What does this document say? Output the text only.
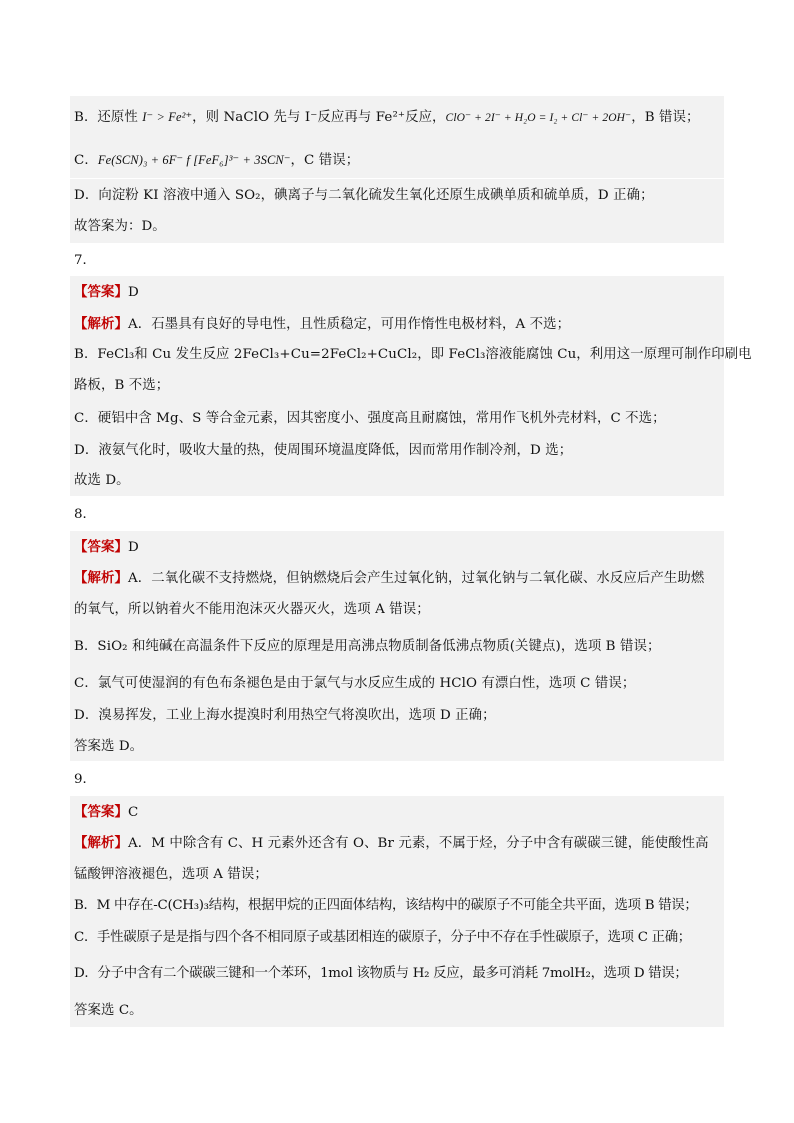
B．还原性 I⁻ > Fe²⁺，则 NaClO 先与 I⁻反应再与 Fe²⁺反应，ClO⁻ + 2I⁻ + H₂O = I₂ + Cl⁻ + 2OH⁻，B 错误；
C．Fe(SCN)₃ + 6F⁻ f [FeF₆]³⁻ + 3SCN⁻，C 错误；
D．向淀粉 KI 溶液中通入 SO₂，碘离子与二氧化硫发生氧化还原生成碘单质和硫单质，D 正确；
故答案为：D。
7．
【答案】D
【解析】A．石墨具有良好的导电性，且性质稳定，可用作惰性电极材料，A 不选；
B．FeCl₃和 Cu 发生反应 2FeCl₃+Cu=2FeCl₂+CuCl₂，即 FeCl₃溶液能腐蚀 Cu，利用这一原理可制作印刷电
路板，B 不选；
C．硬铝中含 Mg、S 等合金元素，因其密度小、强度高且耐腐蚀，常用作飞机外壳材料，C 不选；
D．液氨气化时，吸收大量的热，使周围环境温度降低，因而常用作制冷剂，D 选；
故选 D。
8．
【答案】D
【解析】A．二氧化碳不支持燃烧，但钠燃烧后会产生过氧化钠，过氧化钠与二氧化碳、水反应后产生助燃
的氧气，所以钠着火不能用泡沫灭火器灭火，选项 A 错误；
B．SiO₂ 和纯碱在高温条件下反应的原理是用高沸点物质制备低沸点物质(关键点)，选项 B 错误；
C．氯气可使湿润的有色布条褪色是由于氯气与水反应生成的 HClO 有漂白性，选项 C 错误；
D．溴易挥发，工业上海水提溴时利用热空气将溴吹出，选项 D 正确；
答案选 D。
9．
【答案】C
【解析】A．M 中除含有 C、H 元素外还含有 O、Br 元素，不属于烃，分子中含有碳碳三键，能使酸性高
锰酸钾溶液褪色，选项 A 错误；
B．M 中存在-C(CH₃)₃结构，根据甲烷的正四面体结构，该结构中的碳原子不可能全共平面，选项 B 错误；
C．手性碳原子是是指与四个各不相同原子或基团相连的碳原子，分子中不存在手性碳原子，选项 C 正确；
D．分子中含有二个碳碳三键和一个苯环，1mol 该物质与 H₂ 反应，最多可消耗 7molH₂，选项 D 错误；
答案选 C。
